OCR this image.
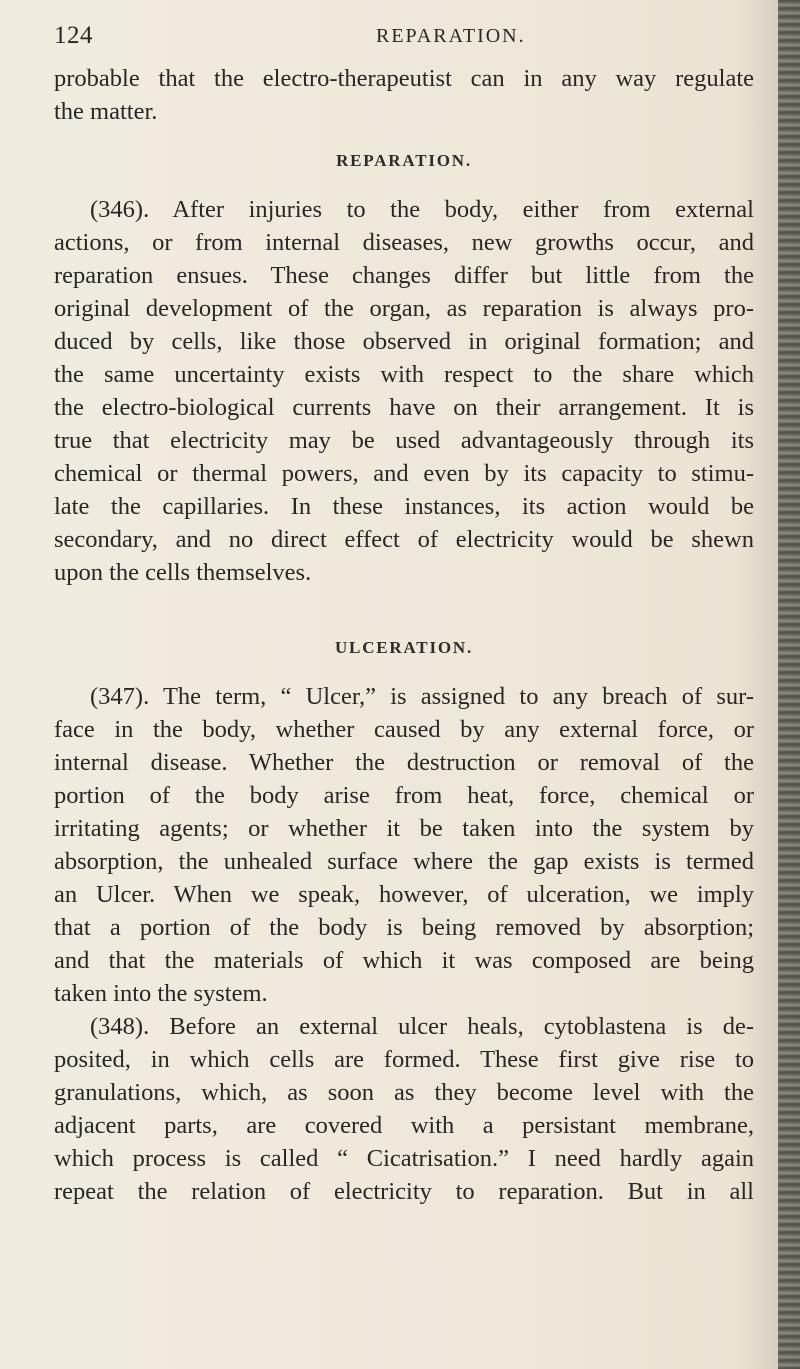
124	REPARATION.
probable that the electro-therapeutist can in any way regulate
the matter.
REPARATION.
(346). After injuries to the body, either from external
actions, or from internal diseases, new growths occur, and
reparation ensues. These changes differ but little from the
original development of the organ, as reparation is always pro-
duced by cells, like those observed in original formation; and
the same uncertainty exists with respect to the share which
the electro-biological currents have on their arrangement. It is
true that electricity may be used advantageously through its
chemical or thermal powers, and even by its capacity to stimu-
late the capillaries. In these instances, its action would be
secondary, and no direct effect of electricity would be shewn
upon the cells themselves.
ULCERATION.
(347). The term, “ Ulcer,” is assigned to any breach of sur-
face in the body, whether caused by any external force, or
internal disease. Whether the destruction or removal of the
portion of the body arise from heat, force, chemical or
irritating agents; or whether it be taken into the system by
absorption, the unhealed surface where the gap exists is termed
an Ulcer. When we speak, however, of ulceration, we imply
that a portion of the body is being removed by absorption;
and that the materials of which it was composed are being
taken into the system.
(348). Before an external ulcer heals, cytoblastena is de-
posited, in which cells are formed. These first give rise to
granulations, which, as soon as they become level with the
adjacent parts, are covered with a persistant membrane,
which process is called “ Cicatrisation.” I need hardly again
repeat the relation of electricity to reparation. But in all
